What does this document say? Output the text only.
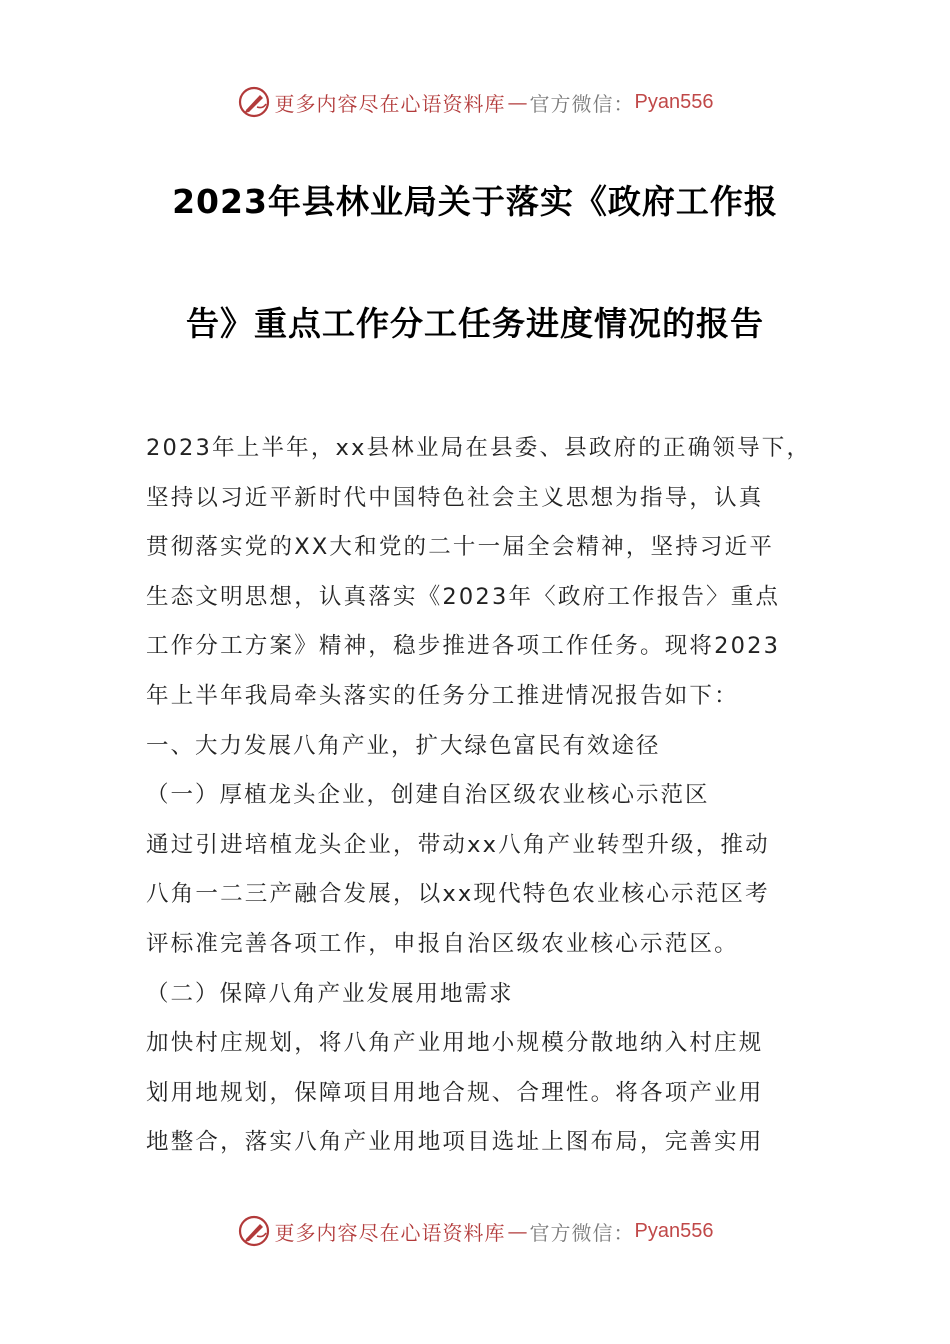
更多内容尽在心语资料库 — 官方微信： Pyan556
2023年县林业局关于落实《政府工作报
告》重点工作分工任务进度情况的报告
2023年上半年，xx县林业局在县委、县政府的正确领导下，
坚持以习近平新时代中国特色社会主义思想为指导，认真
贯彻落实党的XX大和党的二十一届全会精神，坚持习近平
生态文明思想，认真落实《2023年〈政府工作报告〉重点
工作分工方案》精神，稳步推进各项工作任务。现将2023
年上半年我局牵头落实的任务分工推进情况报告如下：
一、大力发展八角产业，扩大绿色富民有效途径
（一）厚植龙头企业，创建自治区级农业核心示范区
通过引进培植龙头企业，带动xx八角产业转型升级，推动
八角一二三产融合发展，以xx现代特色农业核心示范区考
评标准完善各项工作，申报自治区级农业核心示范区。
（二）保障八角产业发展用地需求
加快村庄规划，将八角产业用地小规模分散地纳入村庄规
划用地规划，保障项目用地合规、合理性。将各项产业用
地整合，落实八角产业用地项目选址上图布局，完善实用
更多内容尽在心语资料库 — 官方微信： Pyan556
